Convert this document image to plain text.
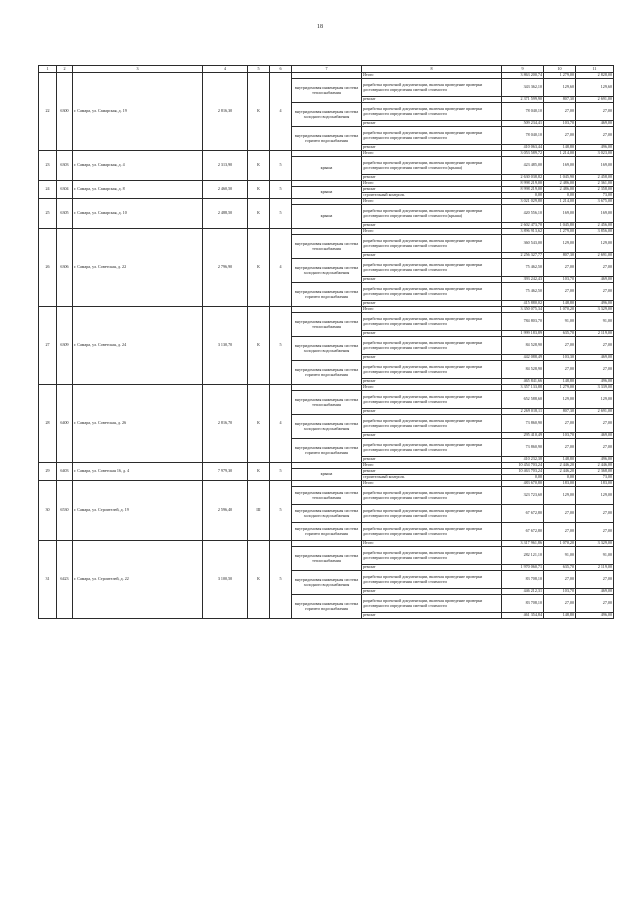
18
1	2	3	4	5	6	7	8	9	10	11
22	6300	г. Самара, ул. Самарская, д. 19	2 816,30	К	4		Итого	3 863 200,74	1 279,00	2 828,00
						внутридомовая инженерная система теплоснабжения	разработка проектной документации, включая проведение проверки достоверности определения сметной стоимости	343 362,10	129,60	129,60
							ремонт	2 371 599,90	807,30	2 691,00
						внутридомовая инженерная система холодного водоснабжения	разработка проектной документации, включая проведение проверки достоверности определения сметной стоимости	78 040,10	27,00	27,00
							ремонт	509 234,41	103,70	469,00
						внутридомовая инженерная система горячего водоснабжения	разработка проектной документации, включая проведение проверки достоверности определения сметной стоимости	78 040,10	27,00	27,00
							ремонт	410 063,44	148,80	496,00
23	6303	г. Самара, ул. Самарская, д. 4	2 313,90	К	5		Итого	3 053 589,72	1 214,00	3 023,00
						крыша	разработка проектной документации, включая проведение проверки достоверности определения сметной стоимости (крыша)	423 485,00	169,00	169,00
							ремонт	2 630 038,82	1 045,90	2 458,00
24	6304	г. Самара, ул. Самарская, д. 8	2 460,50	К	5		Итого	8 998 219,00	2 486,00	2 361,00
						крыша	ремонт	8 998 219,00	2 486,00	2 358,00
							строительный контроль	0,00	0,00	73,00
25	6305	г. Самара, ул. Самарская, д. 10	2 488,50	К	5		Итого	3 021 029,80	1 214,00	3 675,00
						крыша	разработка проектной документации, включая проведение проверки достоверности определения сметной стоимости (крыша)	420 556,10	169,00	169,00
							ремонт	2 602 473,70	1 045,80	2 456,00
26	6306	г. Самара, ул. Советская, д. 22	2 796,90	К	4		Итого	3 896 913,62	1 279,00	3 856,00
						внутридомовая инженерная система теплоснабжения	разработка проектной документации, включая проведение проверки достоверности определения сметной стоимости	360 543,00	129,00	129,00
							ремонт	2 256 327,77	807,30	2 691,00
						внутридомовая инженерная система холодного водоснабжения	разработка проектной документации, включая проведение проверки достоверности определения сметной стоимости	75 462,50	27,00	27,00
							ремонт	393 242,43	103,70	469,00
						внутридомовая инженерная система горячего водоснабжения	разработка проектной документации, включая проведение проверки достоверности определения сметной стоимости	75 462,50	27,00	27,00
							ремонт	415 880,02	148,80	496,00
27	6309	г. Самара, ул. Советская, д. 24	3 130,70	К	5		Итого	3 350 075,34	1 070,20	3 329,00
						внутридомовая инженерная система теплоснабжения	разработка проектной документации, включая проведение проверки достоверности определения сметной стоимости	784 803,70	91,00	91,00
							ремонт	1 999 183,89	635,70	2 119,00
						внутридомовая инженерная система холодного водоснабжения	разработка проектной документации, включая проведение проверки достоверности определения сметной стоимости	84 528,90	27,00	27,00
							ремонт	442 088,49	103,30	469,00
						внутридомовая инженерная система горячего водоснабжения	разработка проектной документации, включая проведение проверки достоверности определения сметной стоимости	84 528,90	27,00	27,00
							ремонт	465 841,66	148,80	496,00
28	6400	г. Самара, ул. Советская, д. 26	2 816,70	К	4		Итого	3 357 133,88	1 279,00	3 339,00
						внутридомовая инженерная система теплоснабжения	разработка проектной документации, включая проведение проверки достоверности определения сметной стоимости	652 588,60	129,00	129,00
							ремонт	2 269 018,11	807,30	2 691,00
						внутридомовая инженерная система холодного водоснабжения	разработка проектной документации, включая проведение проверки достоверности определения сметной стоимости	73 860,90	27,00	27,00
							ремонт	295 410,49	103,70	469,00
						внутридомовая инженерная система горячего водоснабжения	разработка проектной документации, включая проведение проверки достоверности определения сметной стоимости	73 860,90	27,00	27,00
							ремонт	410 232,38	148,80	496,00
29	6403	г. Самара, ул. Советская 16, д. 4	7 979,30	К	5		Итого	10 454 703,24	2 446,20	2 446,00
						крыша	ремонт	10 463 703,24	2 446,20	2 368,00
							строительный контроль	0,00	0,00	73,00
30	6530	г. Самара, ул. Строителей, д. 19	2 596,40	Ш	5		Итого	483 670,80	183,00	183,00
						внутридомовая инженерная система теплоснабжения	разработка проектной документации, включая проведение проверки достоверности определения сметной стоимости	323 723,60	129,00	129,00
						внутридомовая инженерная система холодного водоснабжения	разработка проектной документации, включая проведение проверки достоверности определения сметной стоимости	67 672,80	27,00	27,00
						внутридомовая инженерная система горячего водоснабжения	разработка проектной документации, включая проведение проверки достоверности определения сметной стоимости	67 672,80	27,00	27,00
31	6423	г. Самара, ул. Строителей, д. 22	3 100,50	К	5		Итого	3 317 961,86	1 070,20	3 329,00
						внутридомовая инженерная система теплоснабжения	разработка проектной документации, включая проведение проверки достоверности определения сметной стоимости	282 121,10	91,00	91,00
							ремонт	1 970 060,71	635,70	2 119,00
						внутридомовая инженерная система холодного водоснабжения	разработка проектной документации, включая проведение проверки достоверности определения сметной стоимости	83 708,10	27,00	27,00
							ремонт	446 212,31	103,70	469,00
						внутридомовая инженерная система горячего водоснабжения	разработка проектной документации, включая проведение проверки достоверности определения сметной стоимости	83 708,10	27,00	27,00
							ремонт	461 354,84	148,80	496,00
